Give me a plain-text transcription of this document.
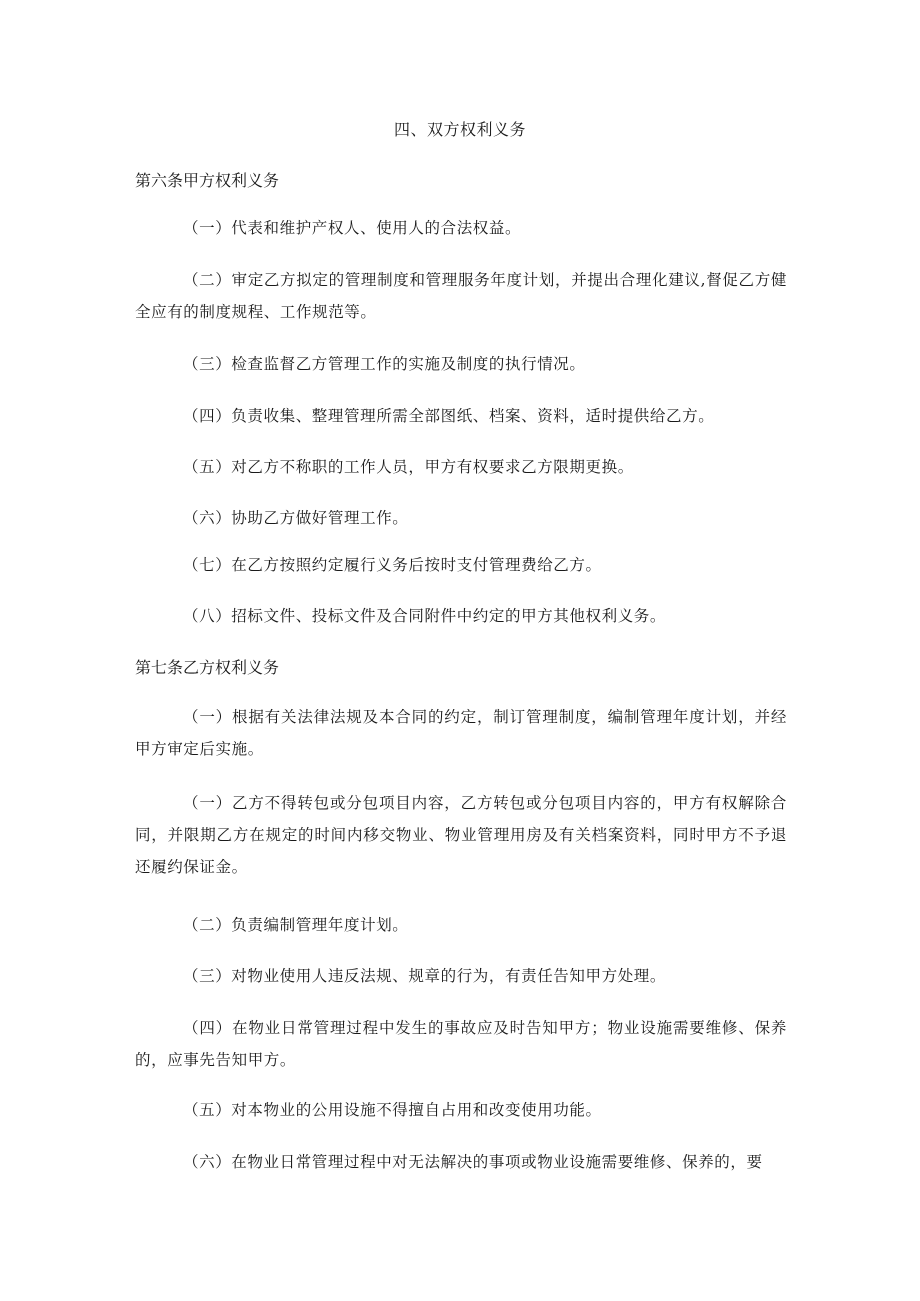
四、双方权利义务
第六条甲方权利义务
（一）代表和维护产权人、使用人的合法权益。
（二）审定乙方拟定的管理制度和管理服务年度计划，并提出合理化建议,督促乙方健全应有的制度规程、工作规范等。
（三）检查监督乙方管理工作的实施及制度的执行情况。
（四）负责收集、整理管理所需全部图纸、档案、资料，适时提供给乙方。
（五）对乙方不称职的工作人员，甲方有权要求乙方限期更换。
（六）协助乙方做好管理工作。
（七）在乙方按照约定履行义务后按时支付管理费给乙方。
（八）招标文件、投标文件及合同附件中约定的甲方其他权利义务。
第七条乙方权利义务
（一）根据有关法律法规及本合同的约定，制订管理制度，编制管理年度计划，并经甲方审定后实施。
（一）乙方不得转包或分包项目内容，乙方转包或分包项目内容的，甲方有权解除合同，并限期乙方在规定的时间内移交物业、物业管理用房及有关档案资料，同时甲方不予退还履约保证金。
（二）负责编制管理年度计划。
（三）对物业使用人违反法规、规章的行为，有责任告知甲方处理。
（四）在物业日常管理过程中发生的事故应及时告知甲方；物业设施需要维修、保养的，应事先告知甲方。
（五）对本物业的公用设施不得擅自占用和改变使用功能。
（六）在物业日常管理过程中对无法解决的事项或物业设施需要维修、保养的，要
